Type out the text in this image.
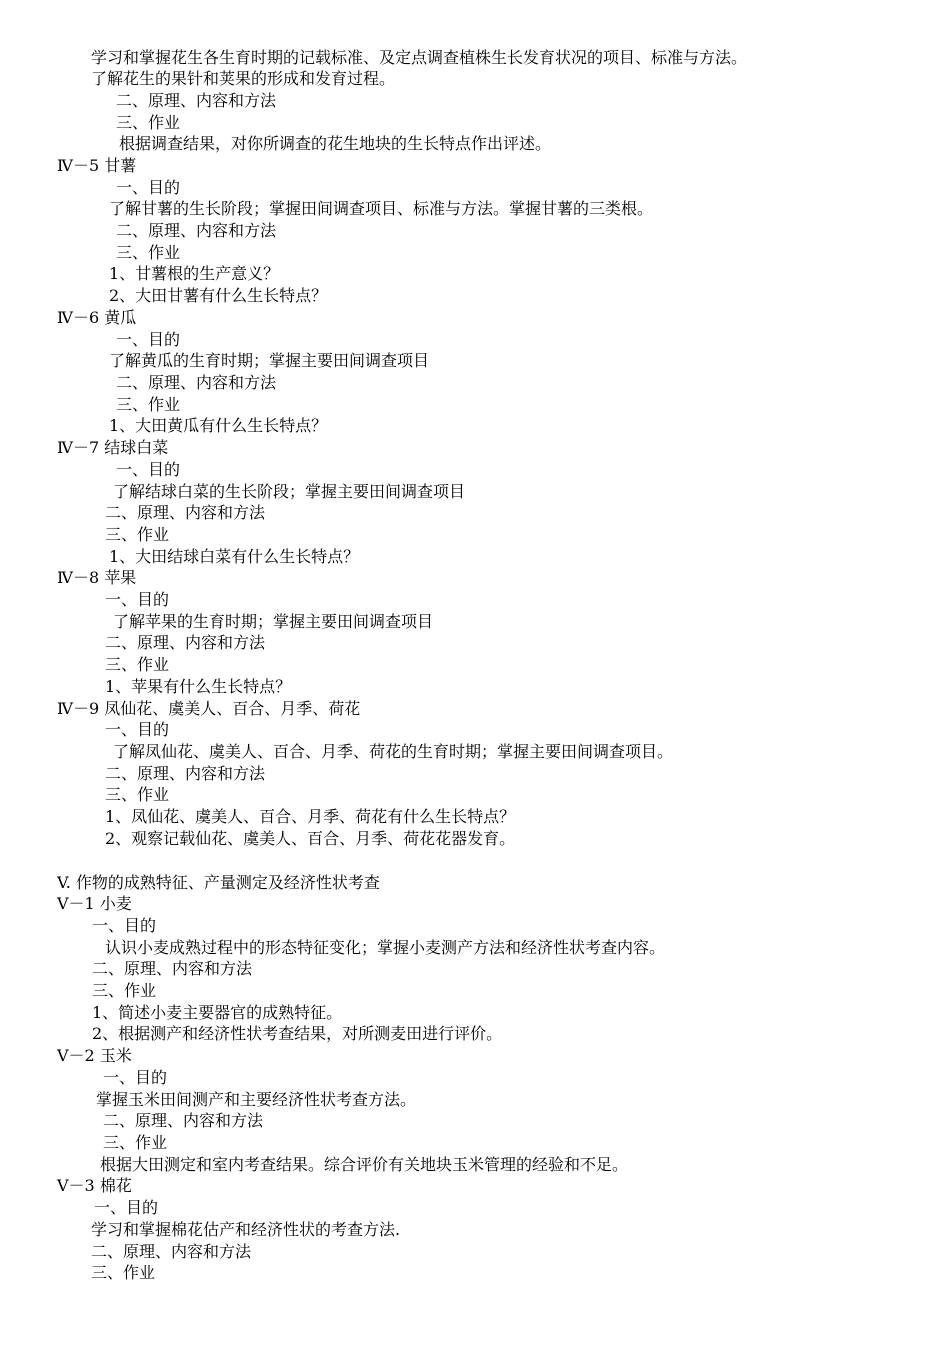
学习和掌握花生各生育时期的记载标准、及定点调查植株生长发育状况的项目、标准与方法。
了解花生的果针和荚果的形成和发育过程。
二、原理、内容和方法
三、作业
根据调查结果，对你所调查的花生地块的生长特点作出评述。
Ⅳ－5 甘薯
一、目的
了解甘薯的生长阶段；掌握田间调查项目、标准与方法。掌握甘薯的三类根。
二、原理、内容和方法
三、作业
1、甘薯根的生产意义？
2、大田甘薯有什么生长特点？
Ⅳ－6 黄瓜
一、目的
了解黄瓜的生育时期；掌握主要田间调查项目
二、原理、内容和方法
三、作业
1、大田黄瓜有什么生长特点？
Ⅳ－7 结球白菜
一、目的
了解结球白菜的生长阶段；掌握主要田间调查项目
二、原理、内容和方法
三、作业
1、大田结球白菜有什么生长特点？
Ⅳ－8 苹果
一、目的
了解苹果的生育时期；掌握主要田间调查项目
二、原理、内容和方法
三、作业
1、苹果有什么生长特点？
Ⅳ－9 凤仙花、虞美人、百合、月季、荷花
一、目的
了解凤仙花、虞美人、百合、月季、荷花的生育时期；掌握主要田间调查项目。
二、原理、内容和方法
三、作业
1、凤仙花、虞美人、百合、月季、荷花有什么生长特点？
2、观察记载仙花、虞美人、百合、月季、荷花花器发育。
V. 作物的成熟特征、产量测定及经济性状考查
V－1 小麦
一、目的
认识小麦成熟过程中的形态特征变化；掌握小麦测产方法和经济性状考查内容。
二、原理、内容和方法
三、作业
1、简述小麦主要器官的成熟特征。
2、根据测产和经济性状考查结果，对所测麦田进行评价。
V－2 玉米
一、目的
掌握玉米田间测产和主要经济性状考查方法。
二、原理、内容和方法
三、作业
根据大田测定和室内考查结果。综合评价有关地块玉米管理的经验和不足。
V－3 棉花
一、目的
学习和掌握棉花估产和经济性状的考查方法.
二、原理、内容和方法
三、作业
